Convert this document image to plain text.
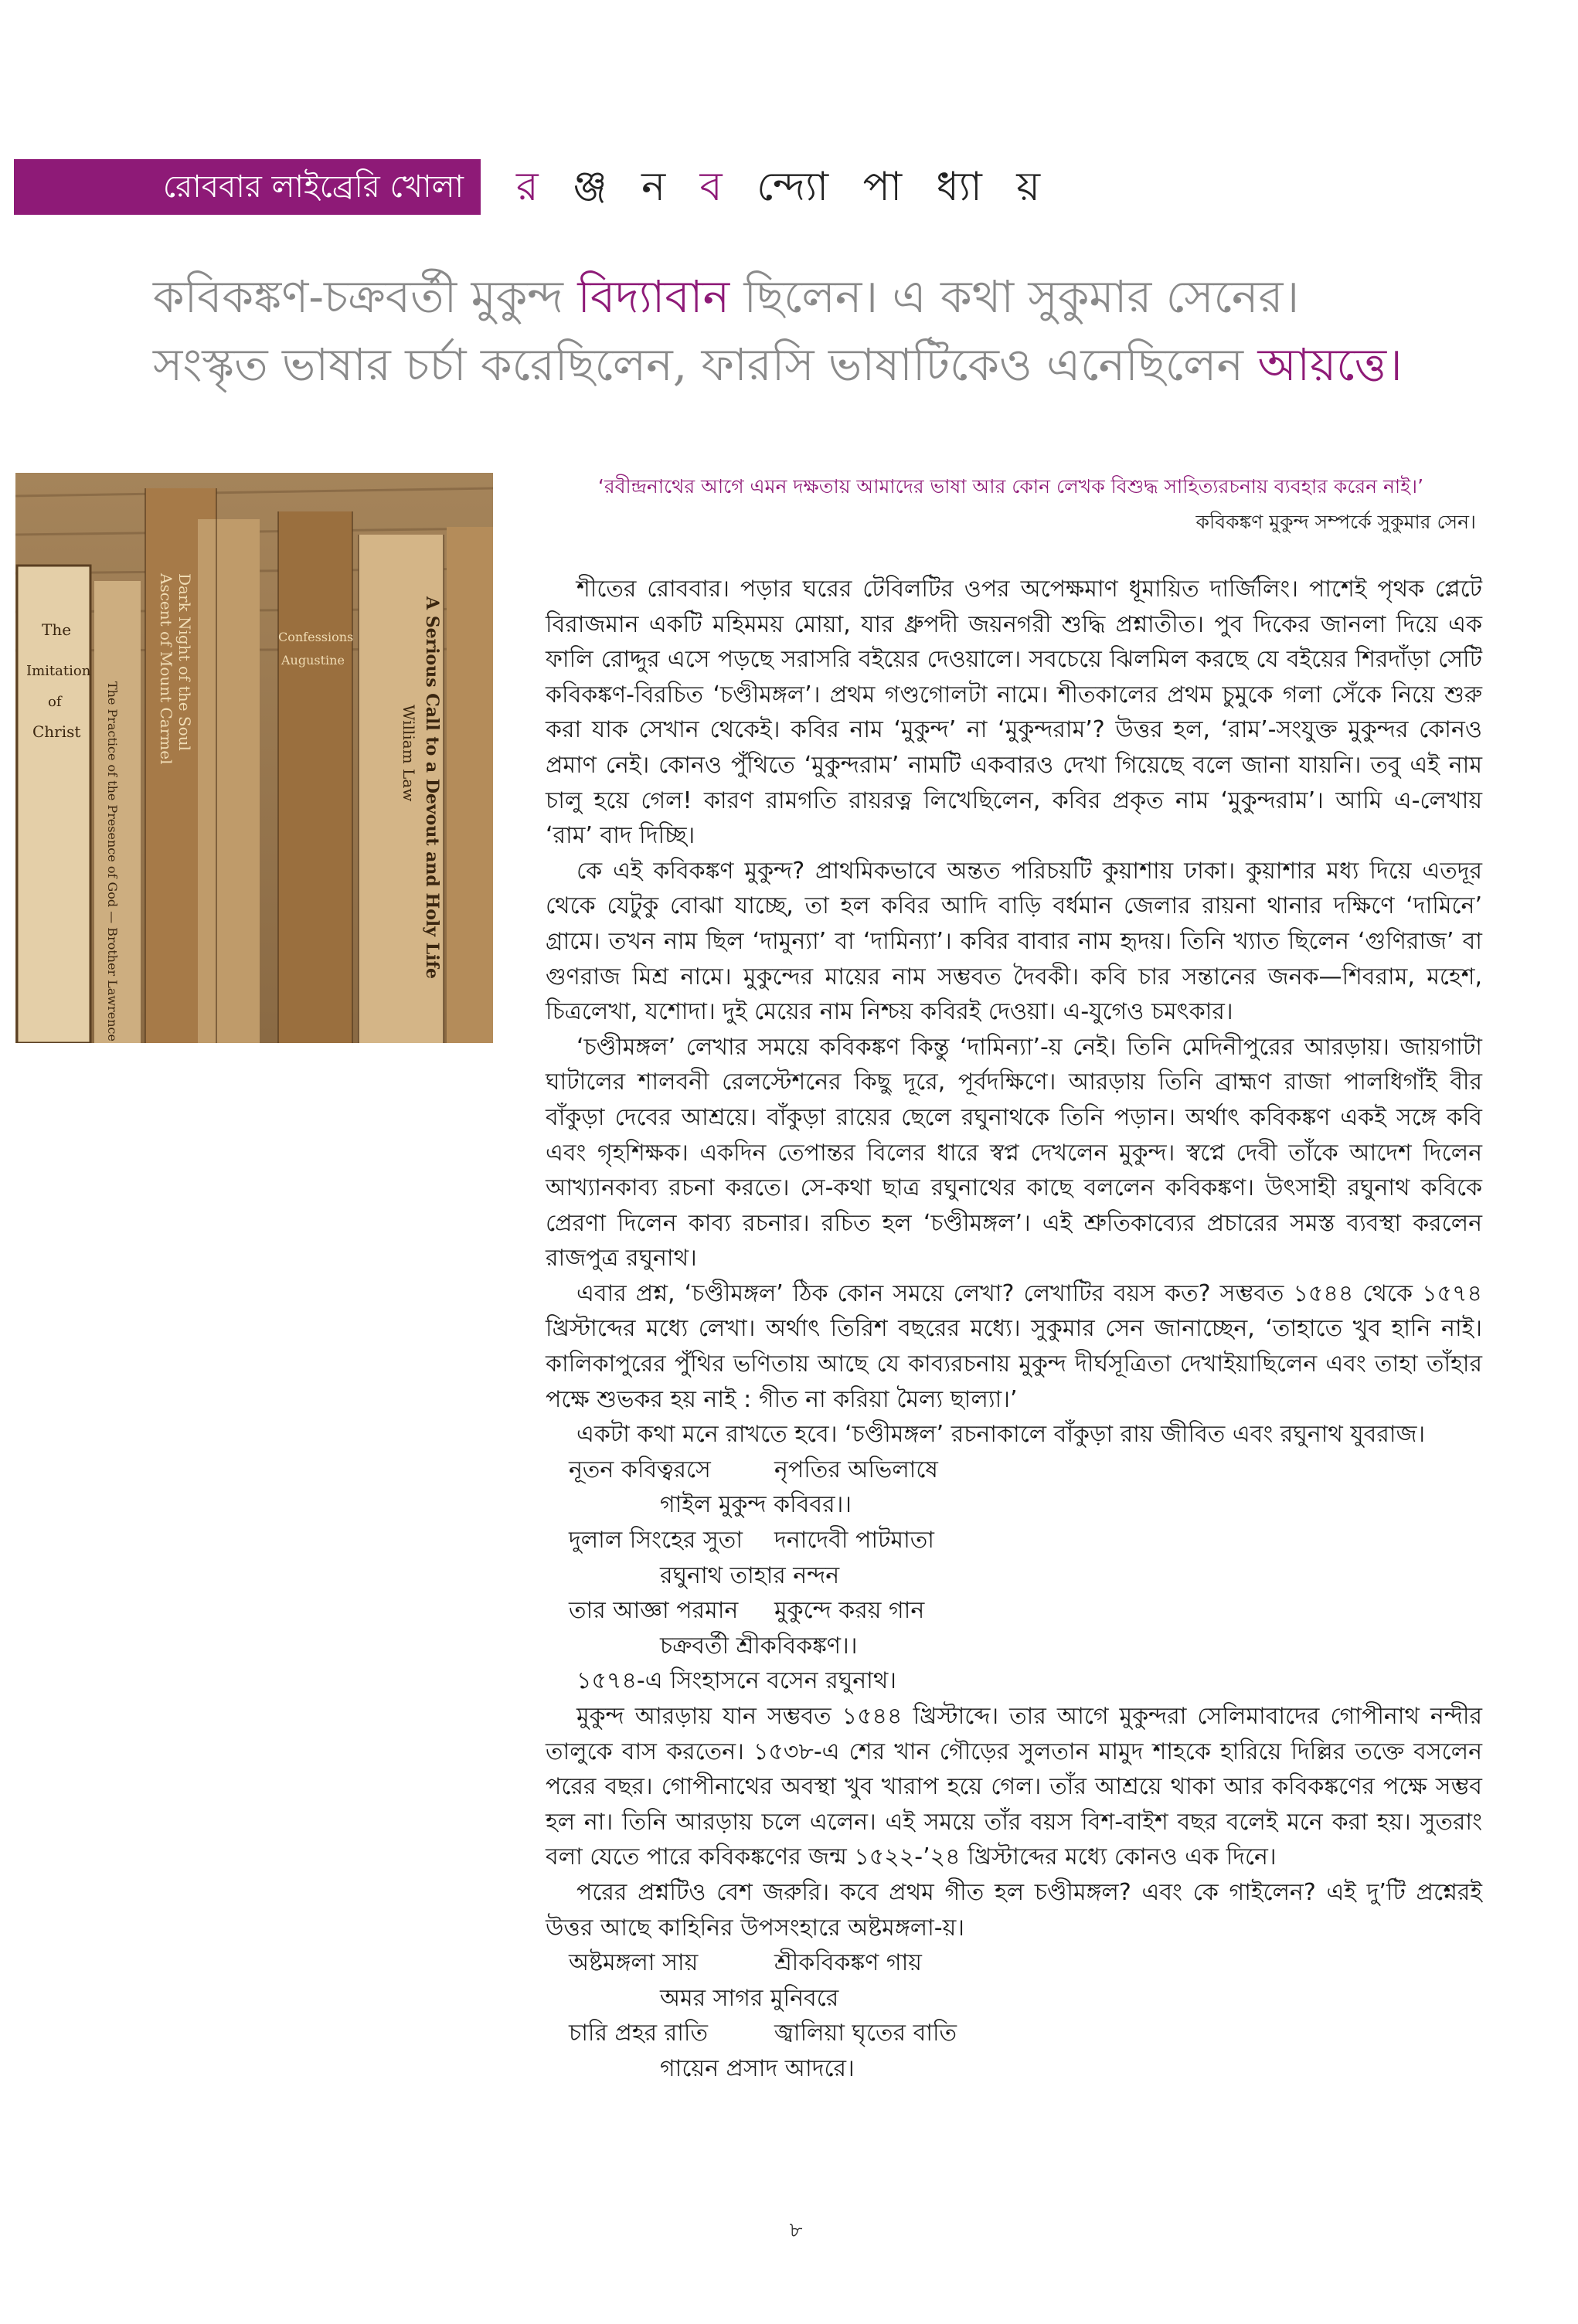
রোববার লাইব্রেরি খোলা	র ঞ্জ ন ব ন্দ্যো পা ধ্যা য়
কবিকঙ্কণ-চক্রবর্তী মুকুন্দ বিদ্যাবান ছিলেন। এ কথা সুকুমার সেনের।
সংস্কৃত ভাষার চর্চা করেছিলেন, ফারসি ভাষাটিকেও এনেছিলেন আয়ত্তে।
The
Imitation
of
Christ The Practice of the Presence of God — Brother Lawrence
Ascent of Mount Carmel Dark Night of the Soul	Confessions
Augustine	A Serious Call to a Devout and Holy Life
William Law
‘রবীন্দ্রনাথের আগে এমন দক্ষতায় আমাদের ভাষা আর কোন লেখক বিশুদ্ধ সাহিত্যরচনায় ব্যবহার করেন নাই।’
কবিকঙ্কণ মুকুন্দ সম্পর্কে সুকুমার সেন।

শীতের রোববার। পড়ার ঘরের টেবিলটির ওপর অপেক্ষমাণ ধূমায়িত দার্জিলিং। পাশেই পৃথক প্লেটে বিরাজমান একটি মহিমময় মোয়া, যার ধ্রুপদী জয়নগরী শুদ্ধি প্রশ্নাতীত। পুব দিকের জানলা দিয়ে এক ফালি রোদ্দুর এসে পড়ছে সরাসরি বইয়ের দেওয়ালে। সবচেয়ে ঝিলমিল করছে যে বইয়ের শিরদাঁড়া সেটি কবিকঙ্কণ-বিরচিত ‘চণ্ডীমঙ্গল’। প্রথম গণ্ডগোলটা নামে। শীতকালের প্রথম চুমুকে গলা সেঁকে নিয়ে শুরু করা যাক সেখান থেকেই। কবির নাম ‘মুকুন্দ’ না ‘মুকুন্দরাম’? উত্তর হল, ‘রাম’-সংযুক্ত মুকুন্দর কোনও প্রমাণ নেই। কোনও পুঁথিতে ‘মুকুন্দরাম’ নামটি একবারও দেখা গিয়েছে বলে জানা যায়নি। তবু এই নাম চালু হয়ে গেল! কারণ রামগতি রায়রত্ন লিখেছিলেন, কবির প্রকৃত নাম ‘মুকুন্দরাম’। আমি এ-লেখায় ‘রাম’ বাদ দিচ্ছি।

কে এই কবিকঙ্কণ মুকুন্দ? প্রাথমিকভাবে অন্তত পরিচয়টি কুয়াশায় ঢাকা। কুয়াশার মধ্য দিয়ে এতদূর থেকে যেটুকু বোঝা যাচ্ছে, তা হল কবির আদি বাড়ি বর্ধমান জেলার রায়না থানার দক্ষিণে ‘দামিনে’ গ্রামে। তখন নাম ছিল ‘দামুন্যা’ বা ‘দামিন্যা’। কবির বাবার নাম হৃদয়। তিনি খ্যাত ছিলেন ‘গুণিরাজ’ বা গুণরাজ মিশ্র নামে। মুকুন্দের মায়ের নাম সম্ভবত দৈবকী। কবি চার সন্তানের জনক—শিবরাম, মহেশ, চিত্রলেখা, যশোদা। দুই মেয়ের নাম নিশ্চয় কবিরই দেওয়া। এ-যুগেও চমৎকার।

‘চণ্ডীমঙ্গল’ লেখার সময়ে কবিকঙ্কণ কিন্তু ‘দামিন্যা’-য় নেই। তিনি মেদিনীপুরের আরড়ায়। জায়গাটা ঘাটালের শালবনী রেলস্টেশনের কিছু দূরে, পূর্বদক্ষিণে। আরড়ায় তিনি ব্রাহ্মণ রাজা পালধিগাঁই বীর বাঁকুড়া দেবের আশ্রয়ে। বাঁকুড়া রায়ের ছেলে রঘুনাথকে তিনি পড়ান। অর্থাৎ কবিকঙ্কণ একই সঙ্গে কবি এবং গৃহশিক্ষক। একদিন তেপান্তর বিলের ধারে স্বপ্ন দেখলেন মুকুন্দ। স্বপ্নে দেবী তাঁকে আদেশ দিলেন আখ্যানকাব্য রচনা করতে। সে-কথা ছাত্র রঘুনাথের কাছে বললেন কবিকঙ্কণ। উৎসাহী রঘুনাথ কবিকে প্রেরণা দিলেন কাব্য রচনার। রচিত হল ‘চণ্ডীমঙ্গল’। এই শ্রুতিকাব্যের প্রচারের সমস্ত ব্যবস্থা করলেন রাজপুত্র রঘুনাথ।

এবার প্রশ্ন, ‘চণ্ডীমঙ্গল’ ঠিক কোন সময়ে লেখা? লেখাটির বয়স কত? সম্ভবত ১৫৪৪ থেকে ১৫৭৪ খ্রিস্টাব্দের মধ্যে লেখা। অর্থাৎ তিরিশ বছরের মধ্যে। সুকুমার সেন জানাচ্ছেন, ‘তাহাতে খুব হানি নাই। কালিকাপুরের পুঁথির ভণিতায় আছে যে কাব্যরচনায় মুকুন্দ দীর্ঘসূত্রিতা দেখাইয়াছিলেন এবং তাহা তাঁহার পক্ষে শুভকর হয় নাই : গীত না করিয়া মৈল্য ছাল্যা।’

একটা কথা মনে রাখতে হবে। ‘চণ্ডীমঙ্গল’ রচনাকালে বাঁকুড়া রায় জীবিত এবং রঘুনাথ যুবরাজ।

নূতন কবিত্বরসে	নৃপতির অভিলাষে
গাইল মুকুন্দ কবিবর।।
দুলাল সিংহের সুতা	দনাদেবী পাটমাতা
রঘুনাথ তাহার নন্দন
তার আজ্ঞা পরমান	মুকুন্দে করয় গান
চক্রবর্তী শ্রীকবিকঙ্কণ।।

১৫৭৪-এ সিংহাসনে বসেন রঘুনাথ।

মুকুন্দ আরড়ায় যান সম্ভবত ১৫৪৪ খ্রিস্টাব্দে। তার আগে মুকুন্দরা সেলিমাবাদের গোপীনাথ নন্দীর তালুকে বাস করতেন। ১৫৩৮-এ শের খান গৌড়ের সুলতান মামুদ শাহকে হারিয়ে দিল্লির তক্তে বসলেন পরের বছর। গোপীনাথের অবস্থা খুব খারাপ হয়ে গেল। তাঁর আশ্রয়ে থাকা আর কবিকঙ্কণের পক্ষে সম্ভব হল না। তিনি আরড়ায় চলে এলেন। এই সময়ে তাঁর বয়স বিশ-বাইশ বছর বলেই মনে করা হয়। সুতরাং বলা যেতে পারে কবিকঙ্কণের জন্ম ১৫২২-’২৪ খ্রিস্টাব্দের মধ্যে কোনও এক দিনে।

পরের প্রশ্নটিও বেশ জরুরি। কবে প্রথম গীত হল চণ্ডীমঙ্গল? এবং কে গাইলেন? এই দু’টি প্রশ্নেরই উত্তর আছে কাহিনির উপসংহারে অষ্টমঙ্গলা-য়।

অষ্টমঙ্গলা সায়	শ্রীকবিকঙ্কণ গায়
অমর সাগর মুনিবরে
চারি প্রহর রাতি	জ্বালিয়া ঘৃতের বাতি
গায়েন প্রসাদ আদরে।
৮
